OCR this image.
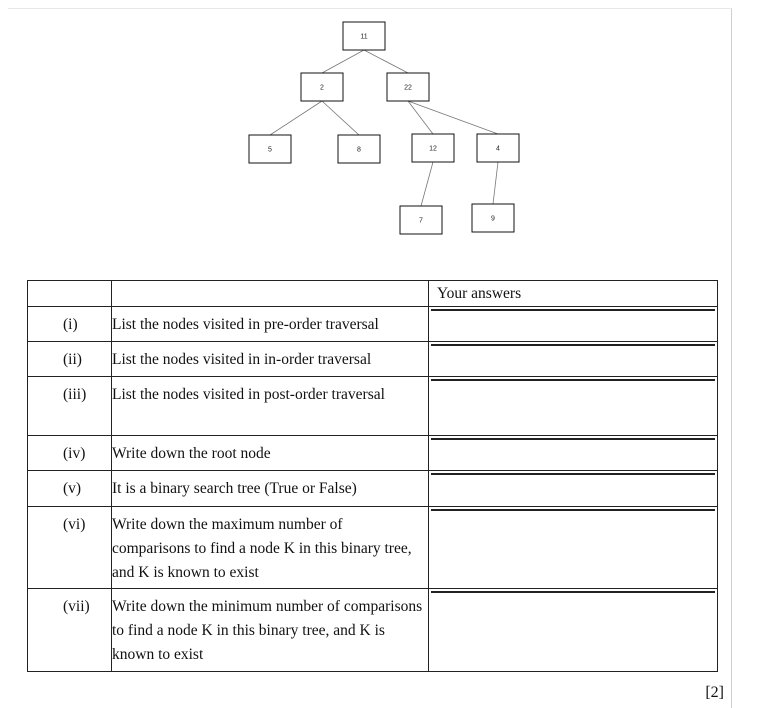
11
2	22
5	8	12	4
7	9
		Your answers
(i)	List the nodes visited in pre-order traversal	

(ii)	List the nodes visited in in-order traversal	

(iii)	List the nodes visited in post-order traversal	

(iv)	Write down the root node	

(v)	It is a binary search tree (True or False)	

(vi)	Write down the maximum number of comparisons to find a node K in this binary tree, and K is known to exist	

(vii)	Write down the minimum number of comparisons to find a node K in this binary tree, and K is known to exist	
[2]
